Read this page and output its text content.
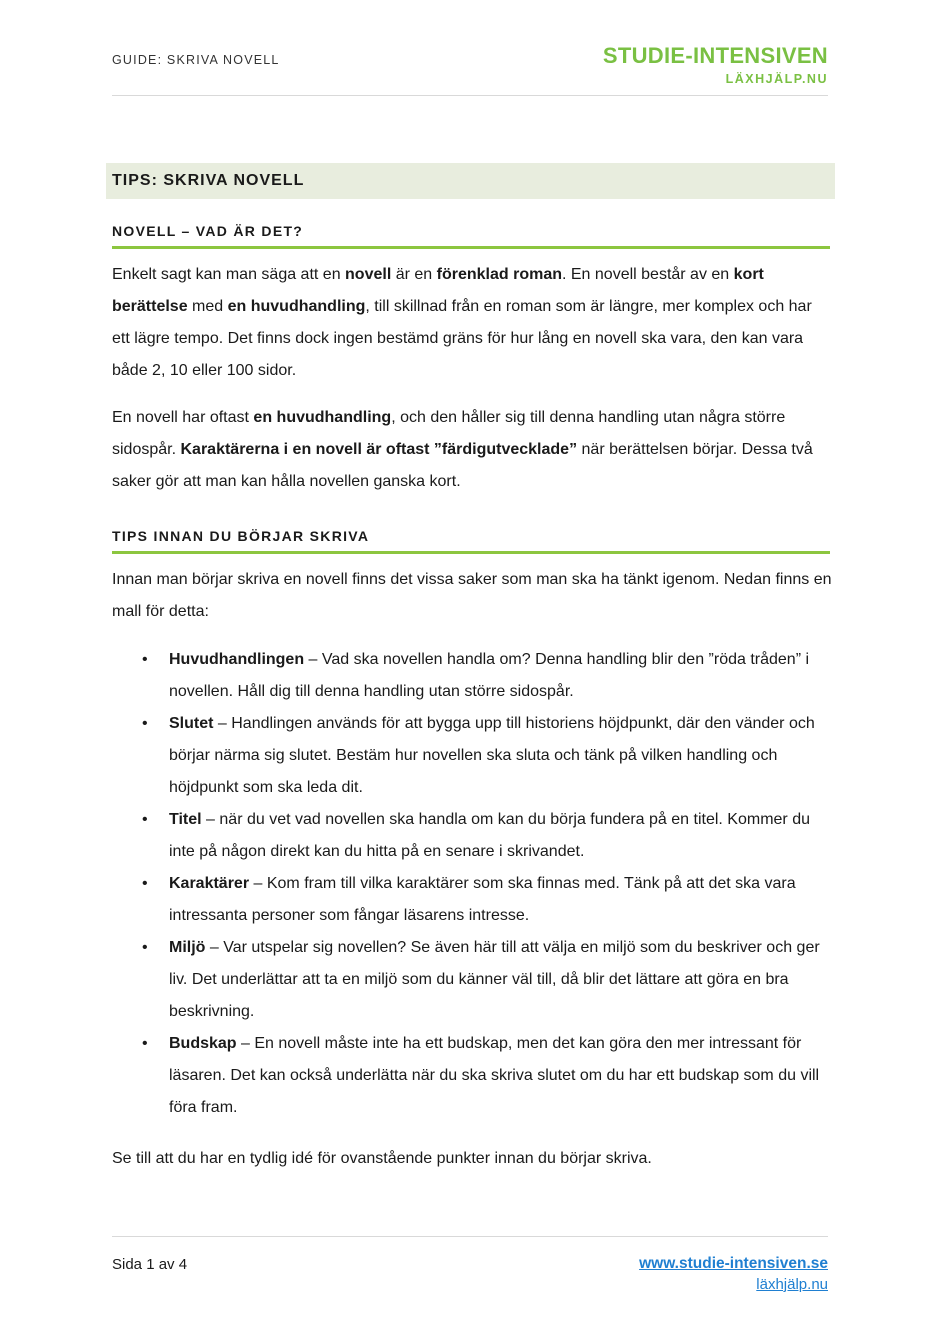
GUIDE: SKRIVA NOVELL	STUDIE-INTENSIVEN
LÄXHJÄLP.NU
TIPS: SKRIVA NOVELL
NOVELL – VAD ÄR DET?

Enkelt sagt kan man säga att en novell är en förenklad roman. En novell består av en kort berättelse med en huvudhandling, till skillnad från en roman som är längre, mer komplex och har ett lägre tempo. Det finns dock ingen bestämd gräns för hur lång en novell ska vara, den kan vara både 2, 10 eller 100 sidor.

En novell har oftast en huvudhandling, och den håller sig till denna handling utan några större sidospår. Karaktärerna i en novell är oftast ”färdigutvecklade” när berättelsen börjar. Dessa två saker gör att man kan hålla novellen ganska kort.

TIPS INNAN DU BÖRJAR SKRIVA

Innan man börjar skriva en novell finns det vissa saker som man ska ha tänkt igenom. Nedan finns en mall för detta:

• Huvudhandlingen – Vad ska novellen handla om? Denna handling blir den ”röda tråden” i novellen. Håll dig till denna handling utan större sidospår.
• Slutet – Handlingen används för att bygga upp till historiens höjdpunkt, där den vänder och börjar närma sig slutet. Bestäm hur novellen ska sluta och tänk på vilken handling och höjdpunkt som ska leda dit.
• Titel – när du vet vad novellen ska handla om kan du börja fundera på en titel. Kommer du inte på någon direkt kan du hitta på en senare i skrivandet.
• Karaktärer – Kom fram till vilka karaktärer som ska finnas med. Tänk på att det ska vara intressanta personer som fångar läsarens intresse.
• Miljö – Var utspelar sig novellen? Se även här till att välja en miljö som du beskriver och ger liv. Det underlättar att ta en miljö som du känner väl till, då blir det lättare att göra en bra beskrivning.
• Budskap – En novell måste inte ha ett budskap, men det kan göra den mer intressant för läsaren. Det kan också underlätta när du ska skriva slutet om du har ett budskap som du vill föra fram.

Se till att du har en tydlig idé för ovanstående punkter innan du börjar skriva.

Sida 1 av 4	www.studie-intensiven.se
läxhjälp.nu
